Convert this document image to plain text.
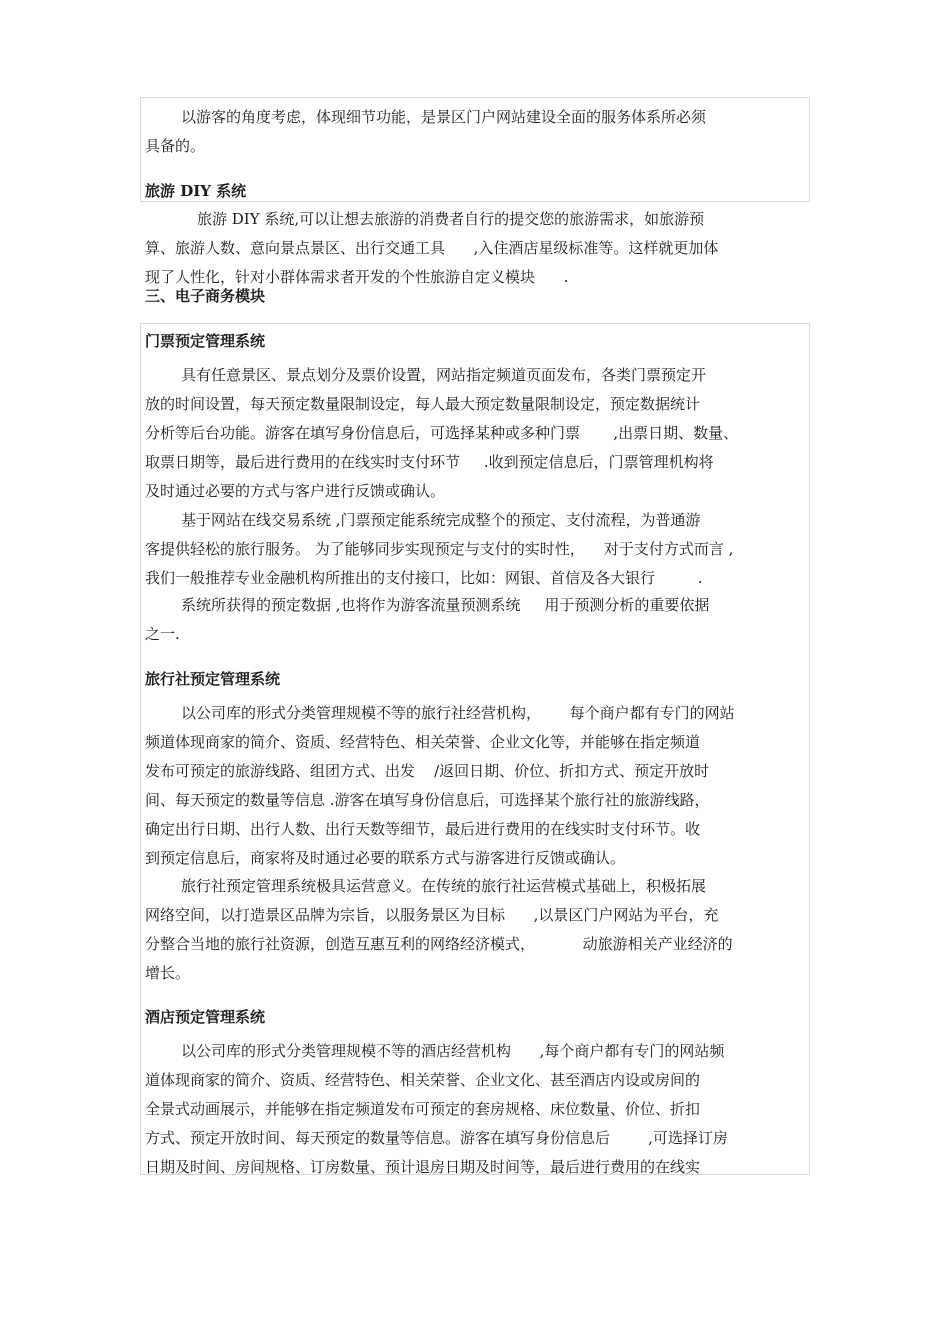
以游客的角度考虑，体现细节功能，是景区门户网站建设全面的服务体系所必须
具备的。
旅游 DIY 系统
旅游 DIY 系统,可以让想去旅游的消费者自行的提交您的旅游需求，如旅游预
算、旅游人数、意向景点景区、出行交通工具      ,入住酒店星级标准等。这样就更加体
现了人性化，针对小群体需求者开发的个性旅游自定义模块      .
三、电子商务模块
门票预定管理系统
具有任意景区、景点划分及票价设置，网站指定频道页面发布，各类门票预定开
放的时间设置，每天预定数量限制设定，每人最大预定数量限制设定，预定数据统计
分析等后台功能。游客在填写身份信息后，可选择某种或多种门票       ,出票日期、数量、
取票日期等，最后进行费用的在线实时支付环节     .收到预定信息后，门票管理机构将
及时通过必要的方式与客户进行反馈或确认。
基于网站在线交易系统 ,门票预定能系统完成整个的预定、支付流程，为普通游
客提供轻松的旅行服务。 为了能够同步实现预定与支付的实时性，    对于支付方式而言 ,
我们一般推荐专业金融机构所推出的支付接口，比如：网银、首信及各大银行         .
系统所获得的预定数据 ,也将作为游客流量预测系统     用于预测分析的重要依据
之一.
旅行社预定管理系统
以公司库的形式分类管理规模不等的旅行社经营机构，      每个商户都有专门的网站
频道体现商家的简介、资质、经营特色、相关荣誉、企业文化等，并能够在指定频道
发布可预定的旅游线路、组团方式、出发    /返回日期、价位、折扣方式、预定开放时
间、每天预定的数量等信息 .游客在填写身份信息后，可选择某个旅行社的旅游线路，
确定出行日期、出行人数、出行天数等细节，最后进行费用的在线实时支付环节。收
到预定信息后，商家将及时通过必要的联系方式与游客进行反馈或确认。
旅行社预定管理系统极具运营意义。在传统的旅行社运营模式基础上，积极拓展
网络空间，以打造景区品牌为宗旨，以服务景区为目标      ,以景区门户网站为平台，充
分整合当地的旅行社资源，创造互惠互利的网络经济模式，          动旅游相关产业经济的
增长。
酒店预定管理系统
以公司库的形式分类管理规模不等的酒店经营机构      ,每个商户都有专门的网站频
道体现商家的简介、资质、经营特色、相关荣誉、企业文化、甚至酒店内设或房间的
全景式动画展示，并能够在指定频道发布可预定的套房规格、床位数量、价位、折扣
方式、预定开放时间、每天预定的数量等信息。游客在填写身份信息后        ,可选择订房
日期及时间、房间规格、订房数量、预计退房日期及时间等，最后进行费用的在线实
